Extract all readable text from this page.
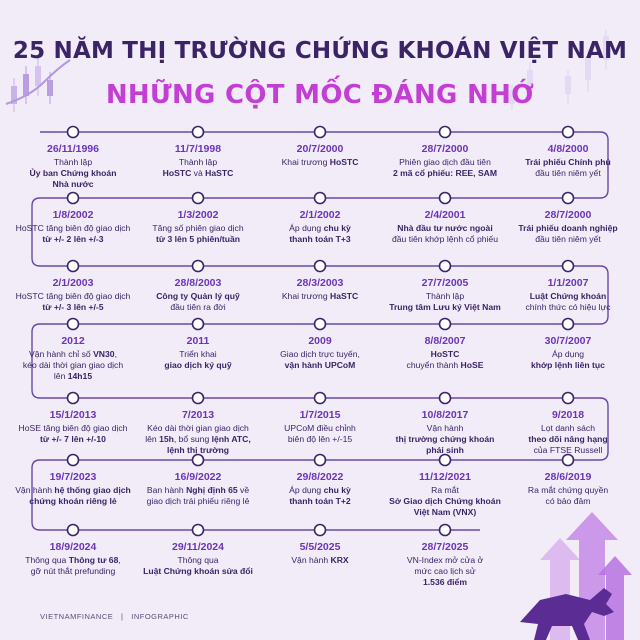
25 NĂM THỊ TRƯỜNG CHỨNG KHOÁN VIỆT NAM
NHỮNG CỘT MỐC ĐÁNG NHỚ
26/11/1996
Thành lập
Ủy ban Chứng khoán
Nhà nước
11/7/1998
Thành lập
HoSTC và HaSTC
20/7/2000
Khai trương HoSTC
28/7/2000
Phiên giao dịch đầu tiên
2 mã cổ phiếu: REE, SAM
4/8/2000
Trái phiếu Chính phủ
đầu tiên niêm yết
1/8/2002
HoSTC tăng biên độ giao dịch
từ +/- 2 lên +/-3
1/3/2002
Tăng số phiên giao dịch
từ 3 lên 5 phiên/tuần
2/1/2002
Áp dụng chu kỳ
thanh toán T+3
2/4/2001
Nhà đầu tư nước ngoài
đầu tiên khớp lệnh cổ phiếu
28/7/2000
Trái phiếu doanh nghiệp
đầu tiên niêm yết
2/1/2003
HoSTC tăng biên độ giao dịch
từ +/- 3 lên +/-5
28/8/2003
Công ty Quản lý quỹ
đầu tiên ra đời
28/3/2003
Khai trương HaSTC
27/7/2005
Thành lập
Trung tâm Lưu ký Việt Nam
1/1/2007
Luật Chứng khoán
chính thức có hiệu lực
2012
Vận hành chỉ số VN30,
kéo dài thời gian giao dịch
lên 14h15
2011
Triển khai
giao dịch ký quỹ
2009
Giao dịch trực tuyến,
vận hành UPCoM
8/8/2007
HoSTC
chuyển thành HoSE
30/7/2007
Áp dụng
khớp lệnh liên tục
15/1/2013
HoSE tăng biên độ giao dịch
từ +/- 7 lên +/-10
7/2013
Kéo dài thời gian giao dịch
lên 15h, bổ sung lệnh ATC,
lệnh thị trường
1/7/2015
UPCoM điều chỉnh
biên độ lên +/-15
10/8/2017
Vận hành
thị trường chứng khoán
phái sinh
9/2018
Lọt danh sách
theo dõi nâng hạng
của FTSE Russell
19/7/2023
Vận hành hệ thống giao dịch
chứng khoán riêng lẻ
16/9/2022
Ban hành Nghị định 65 về
giao dịch trái phiếu riêng lẻ
29/8/2022
Áp dụng chu kỳ
thanh toán T+2
11/12/2021
Ra mắt
Sở Giao dịch Chứng khoán
Việt Nam (VNX)
28/6/2019
Ra mắt chứng quyền
có bảo đảm
18/9/2024
Thông qua Thông tư 68,
gỡ nút thắt prefunding
29/11/2024
Thông qua
Luật Chứng khoán sửa đổi
5/5/2025
Vận hành KRX
28/7/2025
VN-Index mở cửa ở
mức cao lịch sử
1.536 điểm
VIETNAMFINANCE | INFOGRAPHIC
